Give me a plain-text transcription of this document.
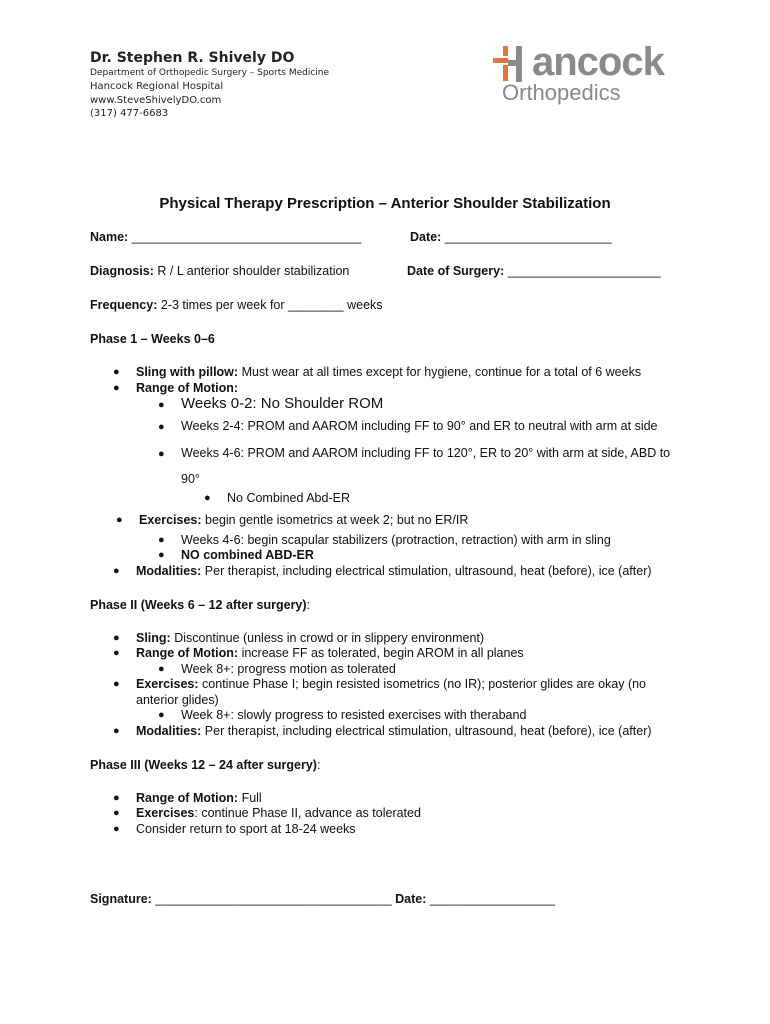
Dr. Stephen R. Shively DO
Department of Orthopedic Surgery – Sports Medicine
Hancock Regional Hospital
www.SteveShivelyDO.com
(317) 477-6683
ancock
Orthopedics
Physical Therapy Prescription – Anterior Shoulder Stabilization
Name: _________________________________	Date: ________________________
Diagnosis: R / L anterior shoulder stabilization	Date of Surgery: ______________________
Frequency: 2-3 times per week for ________ weeks
Phase 1 – Weeks 0–6
● Sling with pillow: Must wear at all times except for hygiene, continue for a total of 6 weeks
● Range of Motion:
● Weeks 0-2: No Shoulder ROM
● Weeks 2-4: PROM and AAROM including FF to 90° and ER to neutral with arm at side
● Weeks 4-6: PROM and AAROM including FF to 120°, ER to 20° with arm at side, ABD to
90°
● No Combined Abd-ER
● Exercises: begin gentle isometrics at week 2; but no ER/IR
● Weeks 4-6: begin scapular stabilizers (protraction, retraction) with arm in sling
● NO combined ABD-ER
● Modalities: Per therapist, including electrical stimulation, ultrasound, heat (before), ice (after)
Phase II (Weeks 6 – 12 after surgery):
● Sling: Discontinue (unless in crowd or in slippery environment)
● Range of Motion: increase FF as tolerated, begin AROM in all planes
● Week 8+: progress motion as tolerated
● Exercises: continue Phase I; begin resisted isometrics (no IR); posterior glides are okay (no
anterior glides)
● Week 8+: slowly progress to resisted exercises with theraband
● Modalities: Per therapist, including electrical stimulation, ultrasound, heat (before), ice (after)
Phase III (Weeks 12 – 24 after surgery):
● Range of Motion: Full
● Exercises: continue Phase II, advance as tolerated
● Consider return to sport at 18-24 weeks
Signature: __________________________________ Date: __________________
